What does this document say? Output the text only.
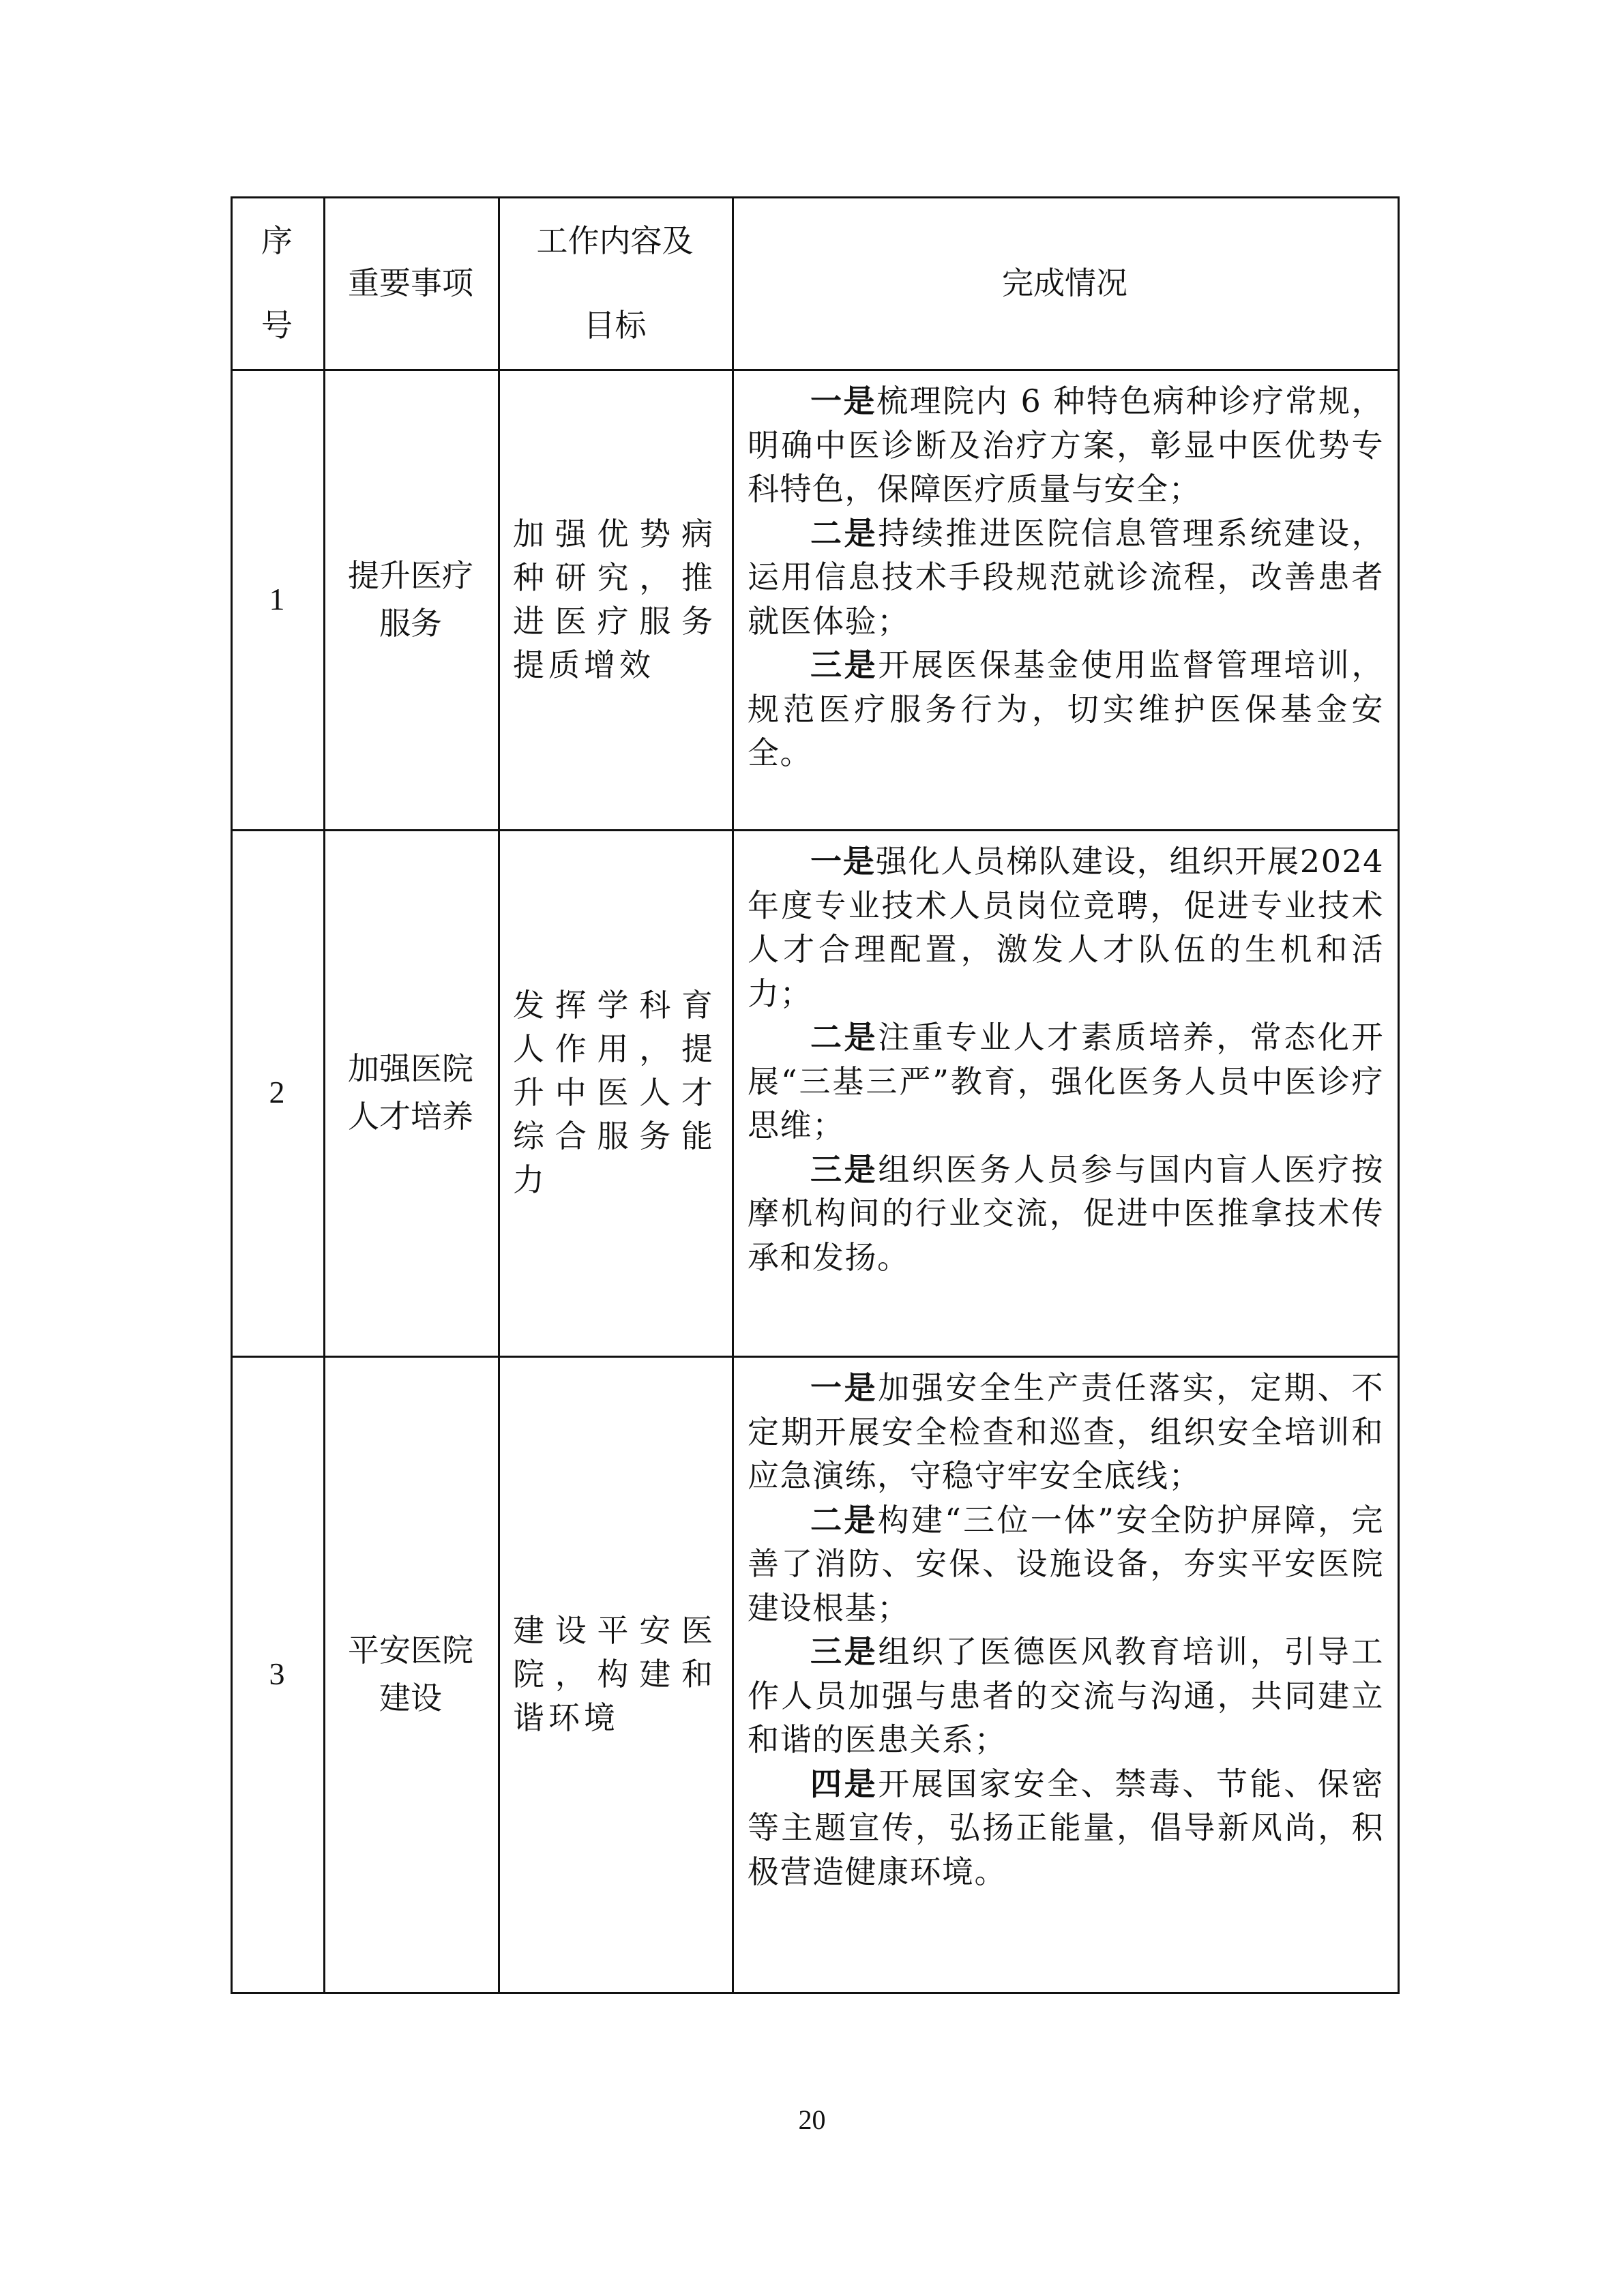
序
号
重要事项
工作内容及
目标
完成情况
1
提升医疗
服务
加强优势病种研究，推进医疗服务提质增效

一是梳理院内 6 种特色病种诊疗常规，明确中医诊断及治疗方案，彰显中医优势专科特色，保障医疗质量与安全；

二是持续推进医院信息管理系统建设，运用信息技术手段规范就诊流程，改善患者就医体验；

三是开展医保基金使用监督管理培训，规范医疗服务行为，切实维护医保基金安全。

2
加强医院
人才培养
发挥学科育人作用，提升中医人才综合服务能力

一是强化人员梯队建设，组织开展2024 年度专业技术人员岗位竞聘，促进专业技术人才合理配置，激发人才队伍的生机和活力；

二是注重专业人才素质培养，常态化开展“三基三严”教育，强化医务人员中医诊疗思维；

三是组织医务人员参与国内盲人医疗按摩机构间的行业交流，促进中医推拿技术传承和发扬。

3
平安医院
建设
建设平安医院，构建和谐环境

一是加强安全生产责任落实，定期、不定期开展安全检查和巡查，组织安全培训和应急演练，守稳守牢安全底线；

二是构建“三位一体”安全防护屏障，完善了消防、安保、设施设备，夯实平安医院建设根基；

三是组织了医德医风教育培训，引导工作人员加强与患者的交流与沟通，共同建立和谐的医患关系；

四是开展国家安全、禁毒、节能、保密等主题宣传，弘扬正能量，倡导新风尚，积极营造健康环境。

20
